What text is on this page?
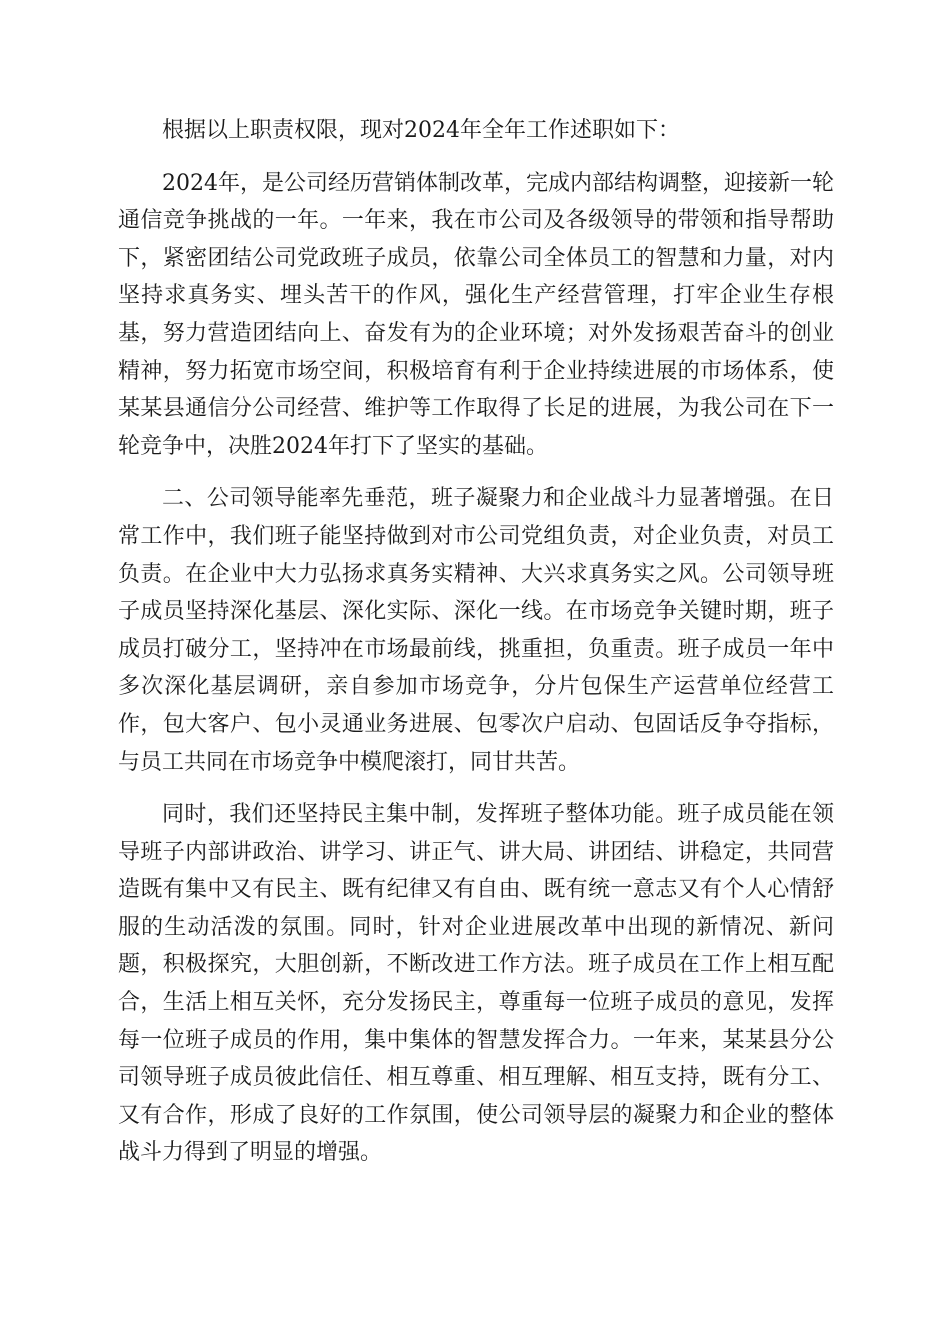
根据以上职责权限，现对2024年全年工作述职如下：

2024年，是公司经历营销体制改革，完成内部结构调整，迎接新一轮通信竞争挑战的一年。一年来，我在市公司及各级领导的带领和指导帮助下，紧密团结公司党政班子成员，依靠公司全体员工的智慧和力量，对内坚持求真务实、埋头苦干的作风，强化生产经营管理，打牢企业生存根基，努力营造团结向上、奋发有为的企业环境；对外发扬艰苦奋斗的创业精神，努力拓宽市场空间，积极培育有利于企业持续进展的市场体系，使某某县通信分公司经营、维护等工作取得了长足的进展，为我公司在下一轮竞争中，决胜2024年打下了坚实的基础。

二、公司领导能率先垂范，班子凝聚力和企业战斗力显著增强。在日常工作中，我们班子能坚持做到对市公司党组负责，对企业负责，对员工负责。在企业中大力弘扬求真务实精神、大兴求真务实之风。公司领导班子成员坚持深化基层、深化实际、深化一线。在市场竞争关键时期，班子成员打破分工，坚持冲在市场最前线，挑重担，负重责。班子成员一年中多次深化基层调研，亲自参加市场竞争，分片包保生产运营单位经营工作，包大客户、包小灵通业务进展、包零次户启动、包固话反争夺指标，与员工共同在市场竞争中模爬滚打，同甘共苦。

同时，我们还坚持民主集中制，发挥班子整体功能。班子成员能在领导班子内部讲政治、讲学习、讲正气、讲大局、讲团结、讲稳定，共同营造既有集中又有民主、既有纪律又有自由、既有统一意志又有个人心情舒服的生动活泼的氛围。同时，针对企业进展改革中出现的新情况、新问题，积极探究，大胆创新，不断改进工作方法。班子成员在工作上相互配合，生活上相互关怀，充分发扬民主，尊重每一位班子成员的意见，发挥每一位班子成员的作用，集中集体的智慧发挥合力。一年来，某某县分公司领导班子成员彼此信任、相互尊重、相互理解、相互支持，既有分工、又有合作，形成了良好的工作氛围，使公司领导层的凝聚力和企业的整体战斗力得到了明显的增强。
